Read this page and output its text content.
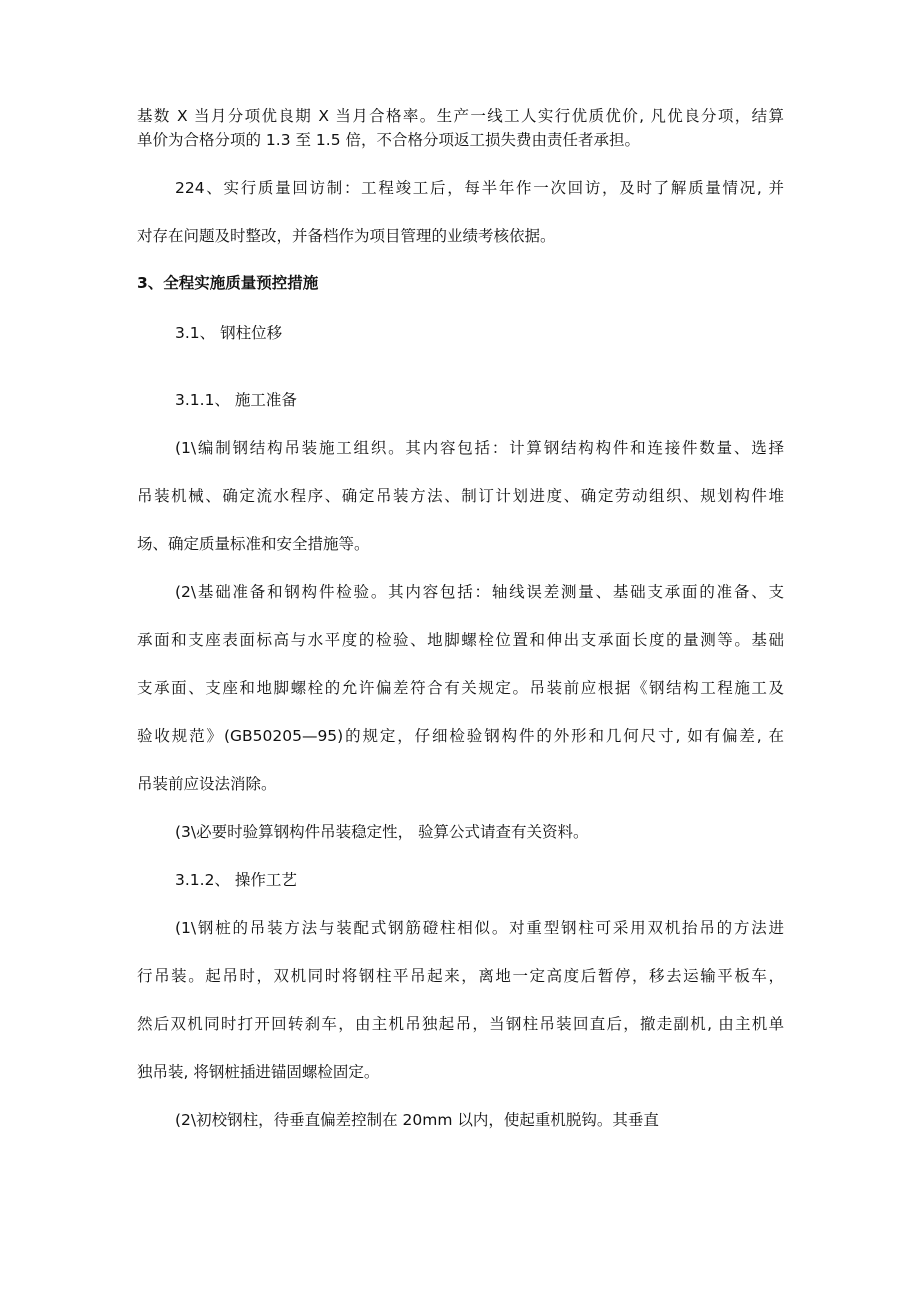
基数 X 当月分项优良期 X 当月合格率。生产一线工人实行优质优价, 凡优良分项，结算

单价为合格分项的 1.3 至 1.5 倍，不合格分项返工损失费由责任者承担。

224、实行质量回访制：工程竣工后，每半年作一次回访，及时了解质量情况, 并

对存在问题及时整改，并备档作为项目管理的业绩考核依据。

3、全程实施质量预控措施

3.1、 钢柱位移

3.1.1、 施工准备

(1\编制钢结构吊装施工组织。其内容包括：计算钢结构构件和连接件数量、选择

吊装机械、确定流水程序、确定吊装方法、制订计划进度、确定劳动组织、规划构件堆

场、确定质量标准和安全措施等。

(2\基础准备和钢构件检验。其内容包括：轴线误差测量、基础支承面的准备、支

承面和支座表面标高与水平度的检验、地脚螺栓位置和伸出支承面长度的量测等。基础

支承面、支座和地脚螺栓的允许偏差符合有关规定。吊装前应根据《钢结构工程施工及

验收规范》(GB50205—95)的规定，仔细检验钢构件的外形和几何尺寸, 如有偏差, 在

吊装前应设法消除。

(3\必要时验算钢构件吊装稳定性， 验算公式请查有关资料。

3.1.2、 操作工艺

(1\钢桩的吊装方法与装配式钢筋磴柱相似。对重型钢柱可采用双机抬吊的方法进

行吊装。起吊时，双机同时将钢柱平吊起来，离地一定高度后暂停，移去运输平板车，

然后双机同时打开回转刹车，由主机吊独起吊，当钢柱吊装回直后，撤走副机, 由主机单

独吊装, 将钢桩插进锚固螺检固定。

(2\初校钢柱，待垂直偏差控制在 20mm 以内，使起重机脱钩。其垂直
